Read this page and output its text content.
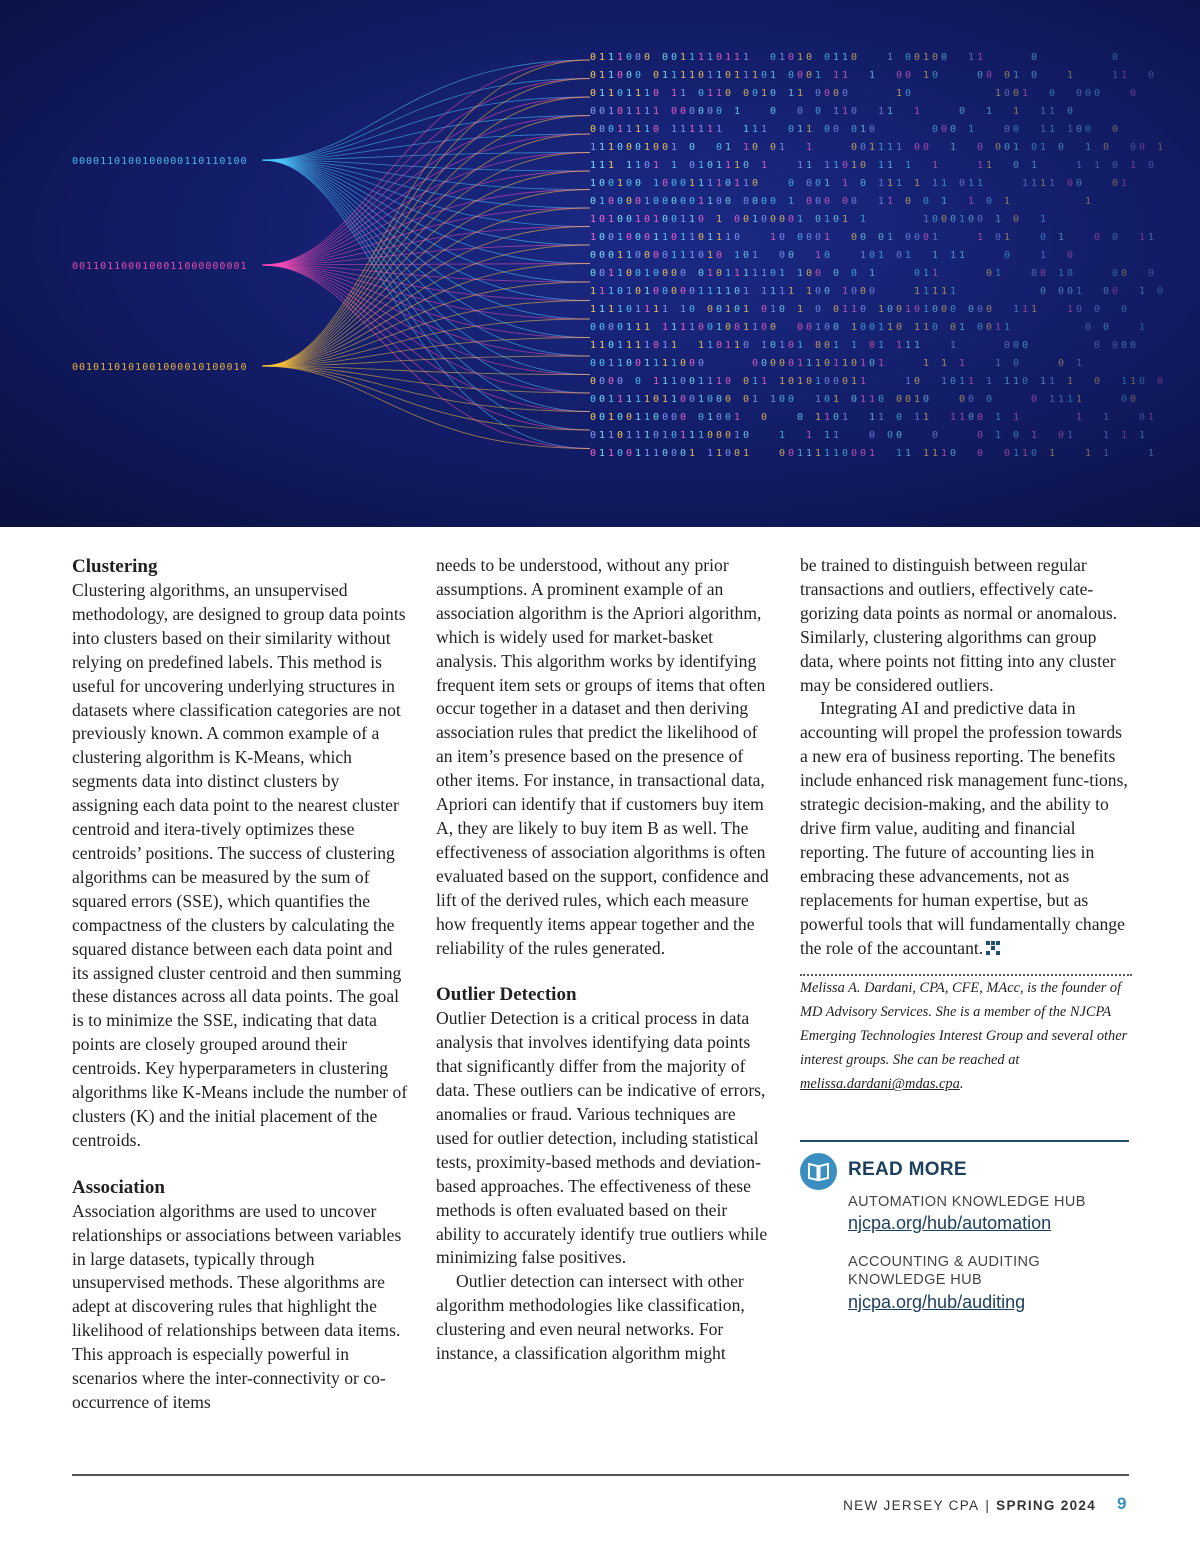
0000110100100000110110100
0011011000100011000000001
0010110101001000010100010
0 1 1 1 0 0 0 0 0 1 1 1 1 0 1 1 1 0 1 0 1 0 0 1 1 0	1 0 0 1 0 0 1 1	0	0
0 1 1 0 0 0 0 1 1 1 1 0 1 1 0 1 1 1 0 1 0 0 0 1 1 1 1 0 0 1 0	0 0 0 1 0	1	1 1 0
0 1 1 0 1 1 1 0 1 1 0 1 1 0 0 0 1 0 1 1 0 0 0 0	1 0	1 0 0 1 0 0 0 0	0
0 0 1 0 1 1 1 1 0 0 0 0 0 0 1	0 0 0 1 1 0 1 1 1	0 1 1 1 1 0
0 0 0 1 1 1 1 0 1 1 1 1 1 1 1 1 1 0 1 1 0 0 0 1 0	0 0 0 1	0 0 1 1 1 0 0 0
1 1 1 0 0 0 1 0 0 1 0 0 1 1 0 0 1 1	0 0 1 1 1 1 0 0 1 0 0 0 1 0 1 0 1 0 0 0 1
1 1 1 1 1 0 1 1 0 1 0 1 1 1 0 1	1 1 1 1 0 1 0 1 1 1 1	1 1 0 1	1 1 0 1 0
1 0 0 1 0 0 1 0 0 0 1 1 1 1 0 1 1 0	0 0 0 1 1 0 1 1 1 1 1 1 0 1 1	1 1 1 1 0 0	0 1
0 1 0 0 0 0 1 0 0 0 0 0 1 1 0 0 0 0 0 0 1 0 0 0 0 0 1 1 0 0 1 1 0 1	1
1 0 1 0 0 1 0 1 0 0 1 1 0 1 0 0 1 0 0 0 0 1 0 1 0 1 1	1 0 0 0 1 0 0 1 0 1
1 0 0 1 0 0 0 1 1 0 1 1 0 1 1 1 0	1 0 0 0 0 1 0 0 0 1 0 0 0 1	1 0 1	0 1	0 0 1 1
0 0 0 1 1 0 0 0 0 1 1 1 0 1 0 1 0 1 0 0 1 0	1 0 1 0 1 1 1 1	0	1 0
0 0 1 1 0 0 1 0 0 0 0 0 1 0 1 1 1 1 1 0 1 1 0 0 0 0 1	0 1 1	0 1	0 0 1 0	0 0 0
1 1 1 0 1 0 1 0 0 0 0 0 1 1 1 1 0 1 1 1 1 1 1 0 0 1 0 0 0	1 1 1 1 1	0 0 0 1 0 0 1 0
1 1 1 1 0 1 1 1 1 1 0 0 0 1 0 1 0 1 0 1 0 0 1 1 0 1 0 0 1 0 1 0 0 0 0 0 0 1 1 1	1 0 0 0
0 0 0 0 1 1 1 1 1 1 1 0 0 1 0 0 1 1 0 0 0 0 1 0 0 1 0 0 1 1 0 1 1 0 0 1 0 0 1 1	0 0	1
1 1 0 1 1 1 1 0 1 1 1 1 0 1 1 0 1 0 1 0 1 0 0 1 1 0 1 1 1 1	1	0 0 0	0 0 0 0
0 0 1 1 0 0 1 1 1 1 0 0 0	0 0 0 0 0 1 1 1 0 1 1 0 1 0 1	1 1 1	1 0	0 1
0 0 0 0 0 1 1 1 0 0 1 1 1 0 0 1 1 1 0 1 0 1 0 0 0 1 1	1 0 1 0 1 1 1 1 1 0 1 1 1 0 1 1 0 0
0 0 1 1 1 1 1 0 1 1 0 0 1 0 0 0 0 1 1 0 0 1 0 1 0 1 1 0 0 0 1 0	0 0 0	0 1 1 1 1	0 0
0 0 1 0 0 1 1 0 0 0 0 0 1 0 0 1 0	0 1 1 0 1 1 1 0 1 1 1 1 0 0 1 1	1 1	0 1
0 1 1 0 1 1 1 0 1 0 1 1 1 0 0 0 1 0	1 1 1 1	0 0 0	0	0 1 0 1 0 1	1 1 1
0 1 1 0 0 1 1 1 0 0 0 1 1 1 0 0 1	0 0 1 1 1 1 1 0 0 0 1 1 1 1 1 1 0 0 0 1 1 0 1	1 1	1
Clustering

Clustering algorithms, an unsupervised methodology, are designed to group data points into clusters based on their similarity without relying on predefined labels. This method is useful for uncovering underlying structures in datasets where classification categories are not previously known. A common example of a clustering algorithm is K-Means, which segments data into distinct clusters by assigning each data point to the nearest cluster centroid and itera-tively optimizes these centroids’ positions. The success of clustering algorithms can be measured by the sum of squared errors (SSE), which quantifies the compactness of the clusters by calculating the squared distance between each data point and its assigned cluster centroid and then summing these distances across all data points. The goal is to minimize the SSE, indicating that data points are closely grouped around their centroids. Key hyperparameters in clustering algorithms like K-Means include the number of clusters (K) and the initial placement of the centroids.

Association

Association algorithms are used to uncover relationships or associations between variables in large datasets, typically through unsupervised methods. These algorithms are adept at discovering rules that highlight the likelihood of relationships between data items. This approach is especially powerful in scenarios where the inter-connectivity or co-occurrence of items

needs to be understood, without any prior assumptions. A prominent example of an association algorithm is the Apriori algorithm, which is widely used for market-basket analysis. This algorithm works by identifying frequent item sets or groups of items that often occur together in a dataset and then deriving association rules that predict the likelihood of an item’s presence based on the presence of other items. For instance, in transactional data, Apriori can identify that if customers buy item A, they are likely to buy item B as well. The effectiveness of association algorithms is often evaluated based on the support, confidence and lift of the derived rules, which each measure how frequently items appear together and the reliability of the rules generated.

Outlier Detection

Outlier Detection is a critical process in data analysis that involves identifying data points that significantly differ from the majority of data. These outliers can be indicative of errors, anomalies or fraud. Various techniques are used for outlier detection, including statistical tests, proximity-based methods and deviation-based approaches. The effectiveness of these methods is often evaluated based on their ability to accurately identify true outliers while minimizing false positives.

Outlier detection can intersect with other algorithm methodologies like classification, clustering and even neural networks. For instance, a classification algorithm might

be trained to distinguish between regular transactions and outliers, effectively cate-gorizing data points as normal or anomalous. Similarly, clustering algorithms can group data, where points not fitting into any cluster may be considered outliers.

Integrating AI and predictive data in accounting will propel the profession towards a new era of business reporting. The benefits include enhanced risk management func-tions, strategic decision-making, and the ability to drive firm value, auditing and financial reporting. The future of accounting lies in embracing these advancements, not as replacements for human expertise, but as powerful tools that will fundamentally change the role of the accountant.

Melissa A. Dardani, CPA, CFE, MAcc, is the founder of MD Advisory Services. She is a member of the NJCPA Emerging Technologies Interest Group and several other interest groups. She can be reached at melissa.dardani@mdas.cpa.

READ MORE
AUTOMATION KNOWLEDGE HUB
njcpa.org/hub/automation
ACCOUNTING & AUDITING KNOWLEDGE HUB
njcpa.org/hub/auditing
NEW JERSEY CPA | SPRING 2024 9
